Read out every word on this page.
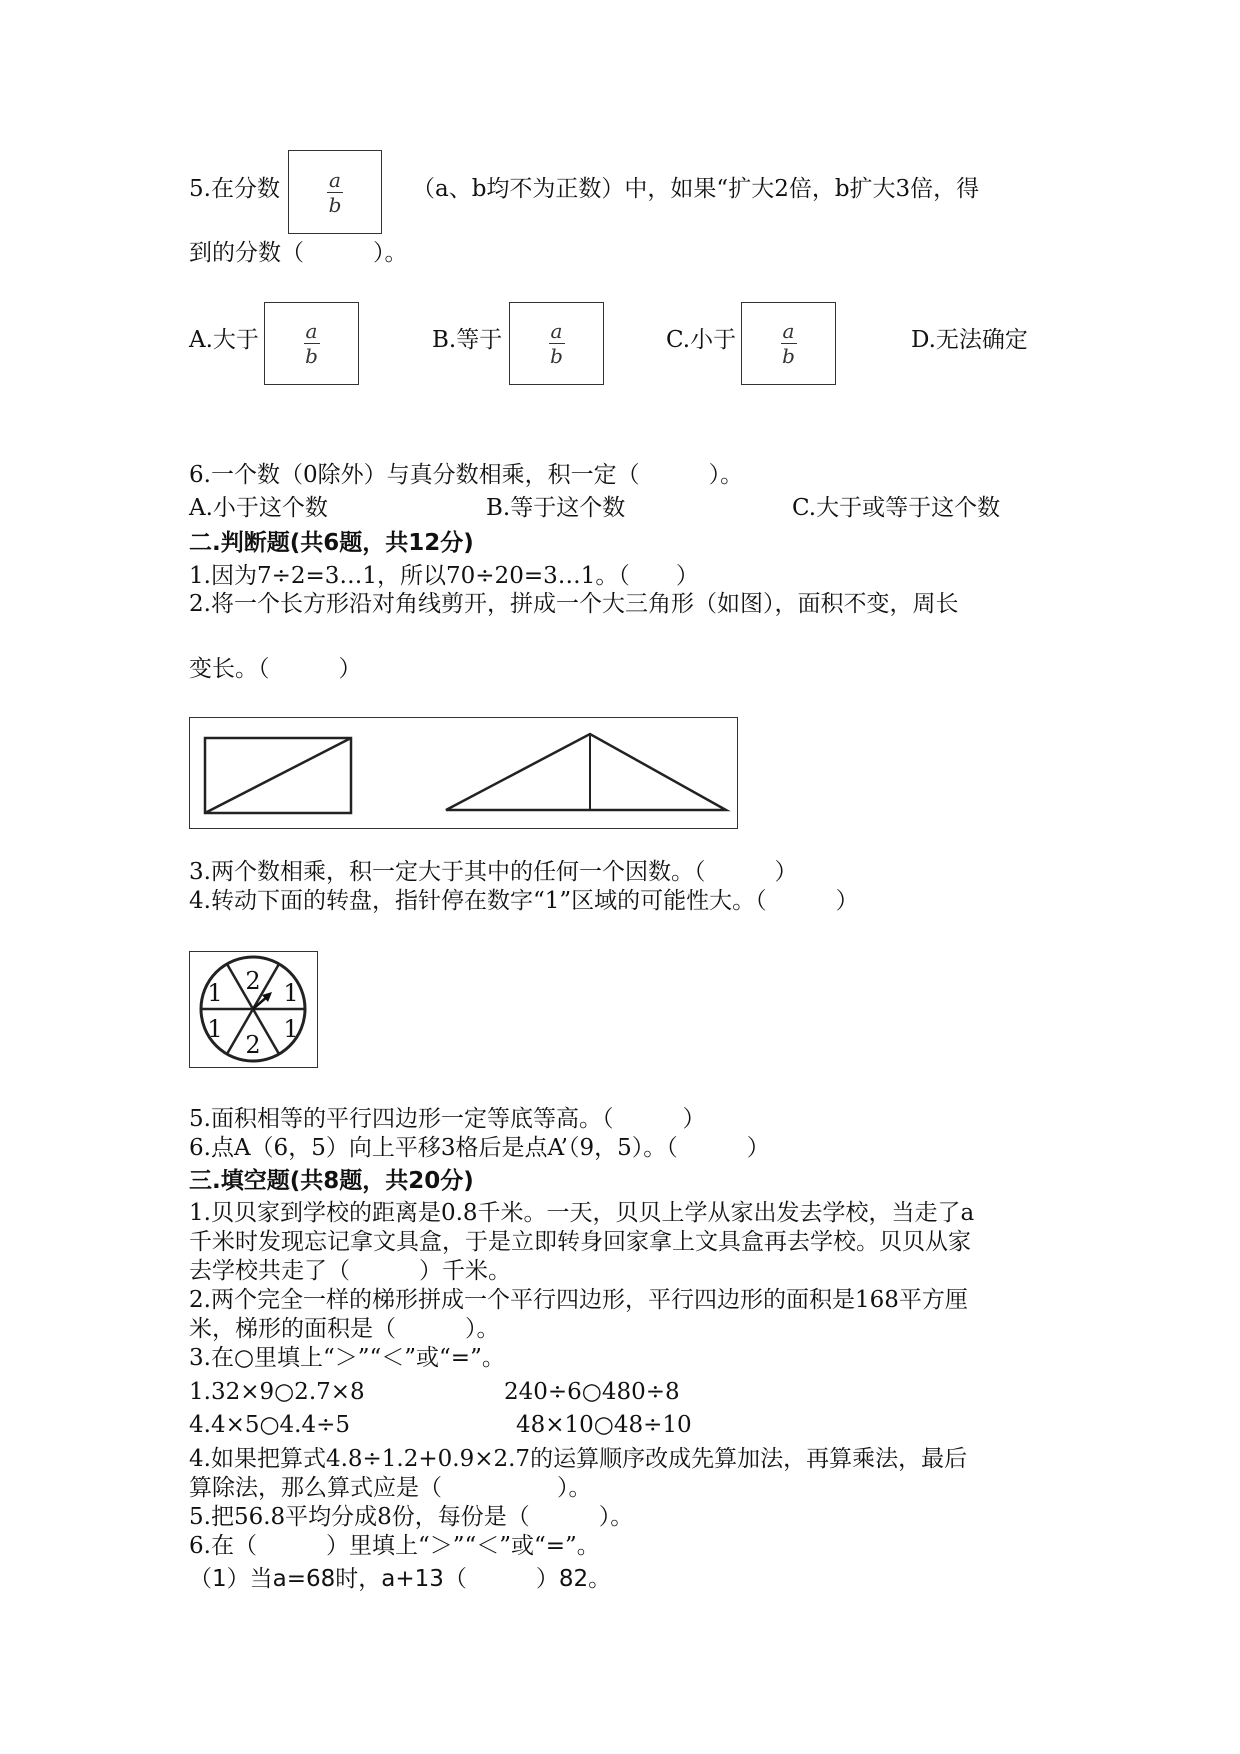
5.在分数 $\frac{a}{b}$	（a、b均不为正数）中，如果“扩大2倍，b扩大3倍，得
到的分数（　　　）。
A.大于 $\frac{a}{b}$	B.等于 $\frac{a}{b}$	C.小于 $\frac{a}{b}$	D.无法确定
6.一个数（0除外）与真分数相乘，积一定（　　　）。
A.小于这个数	B.等于这个数	C.大于或等于这个数
二.判断题(共6题，共12分)
1.因为7÷2=3…1，所以70÷20=3…1。（　　）
2.将一个长方形沿对角线剪开，拼成一个大三角形（如图），面积不变，周长
变长。（　　　）
3.两个数相乘，积一定大于其中的任何一个因数。（　　　）
4.转动下面的转盘，指针停在数字“1”区域的可能性大。（　　　）
2
1
1
2
1
1
5.面积相等的平行四边形一定等底等高。（　　　）
6.点A（6，5）向上平移3格后是点A’（9，5）。（　　　）
三.填空题(共8题，共20分)
1.贝贝家到学校的距离是0.8千米。一天，贝贝上学从家出发去学校，当走了a
千米时发现忘记拿文具盒，于是立即转身回家拿上文具盒再去学校。贝贝从家
去学校共走了（　　　）千米。
2.两个完全一样的梯形拼成一个平行四边形，平行四边形的面积是168平方厘
米，梯形的面积是（　　　）。
3.在○里填上“＞”“＜”或“=”。
1.32×9○2.7×8	240÷6○480÷8
4.4×5○4.4÷5	48×10○48÷10
4.如果把算式4.8÷1.2+0.9×2.7的运算顺序改成先算加法，再算乘法，最后
算除法，那么算式应是（　　　　　）。
5.把56.8平均分成8份，每份是（　　　）。
6.在（　　　）里填上“＞”“＜”或“=”。
（1）当a=68时，a+13（　　　）82。
